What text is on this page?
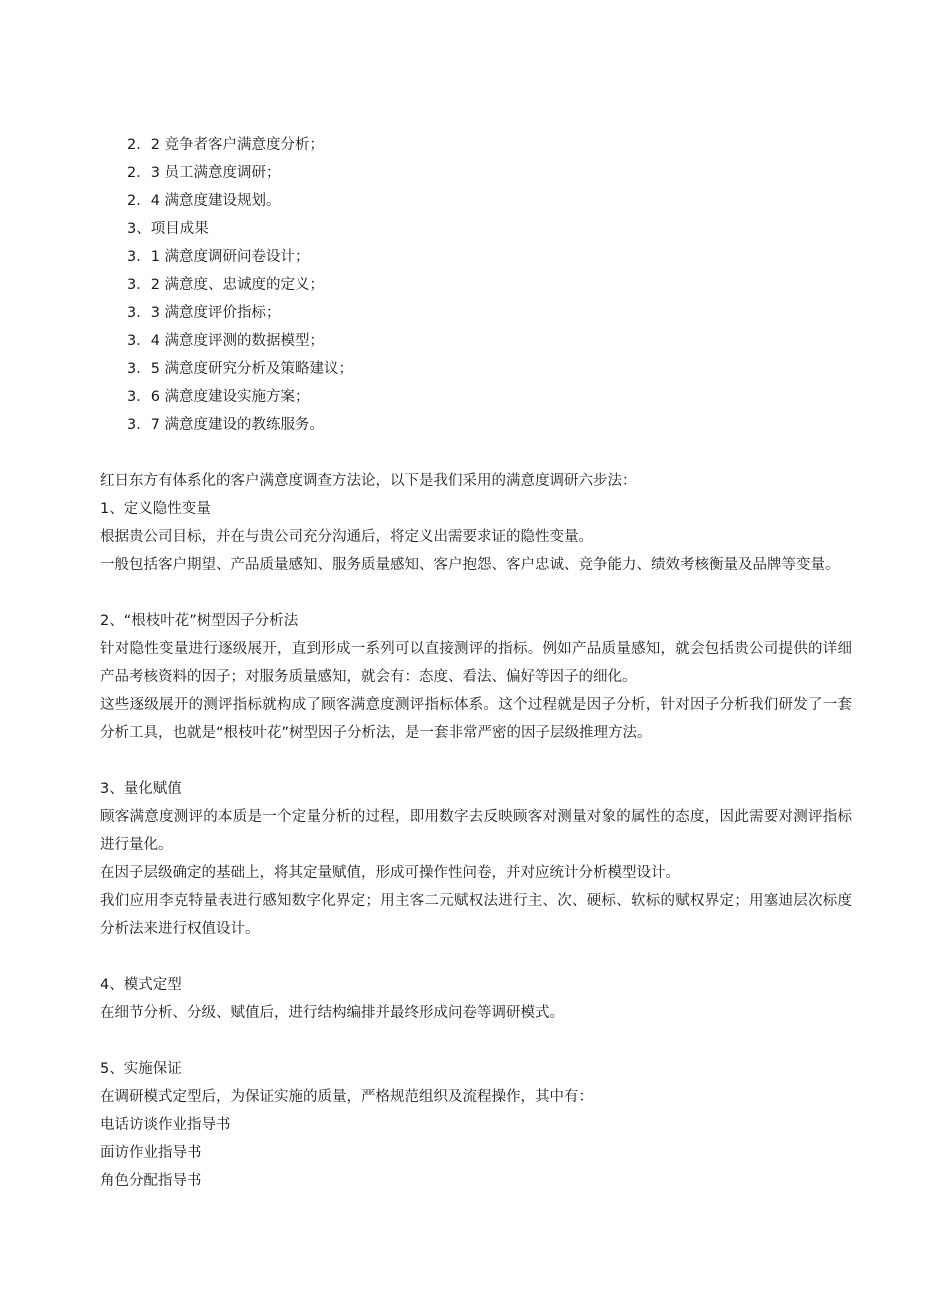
2．2 竞争者客户满意度分析；

2．3 员工满意度调研；

2．4 满意度建设规划。

3、项目成果

3．1 满意度调研问卷设计；

3．2 满意度、忠诚度的定义；

3．3 满意度评价指标；

3．4 满意度评测的数据模型；

3．5 满意度研究分析及策略建议；

3．6 满意度建设实施方案；

3．7 满意度建设的教练服务。

红日东方有体系化的客户满意度调查方法论，以下是我们采用的满意度调研六步法：

1、定义隐性变量

根据贵公司目标，并在与贵公司充分沟通后，将定义出需要求证的隐性变量。

一般包括客户期望、产品质量感知、服务质量感知、客户抱怨、客户忠诚、竞争能力、绩效考核衡量及品牌等变量。

2、“根枝叶花”树型因子分析法

针对隐性变量进行逐级展开，直到形成一系列可以直接测评的指标。例如产品质量感知，就会包括贵公司提供的详细产品考核资料的因子；对服务质量感知，就会有：态度、看法、偏好等因子的细化。

这些逐级展开的测评指标就构成了顾客满意度测评指标体系。这个过程就是因子分析，针对因子分析我们研发了一套分析工具，也就是“根枝叶花”树型因子分析法，是一套非常严密的因子层级推理方法。

3、量化赋值

顾客满意度测评的本质是一个定量分析的过程，即用数字去反映顾客对测量对象的属性的态度，因此需要对测评指标进行量化。

在因子层级确定的基础上，将其定量赋值，形成可操作性问卷，并对应统计分析模型设计。

我们应用李克特量表进行感知数字化界定；用主客二元赋权法进行主、次、硬标、软标的赋权界定；用塞迪层次标度分析法来进行权值设计。

4、模式定型

在细节分析、分级、赋值后，进行结构编排并最终形成问卷等调研模式。

5、实施保证

在调研模式定型后，为保证实施的质量，严格规范组织及流程操作，其中有：

电话访谈作业指导书

面访作业指导书

角色分配指导书
